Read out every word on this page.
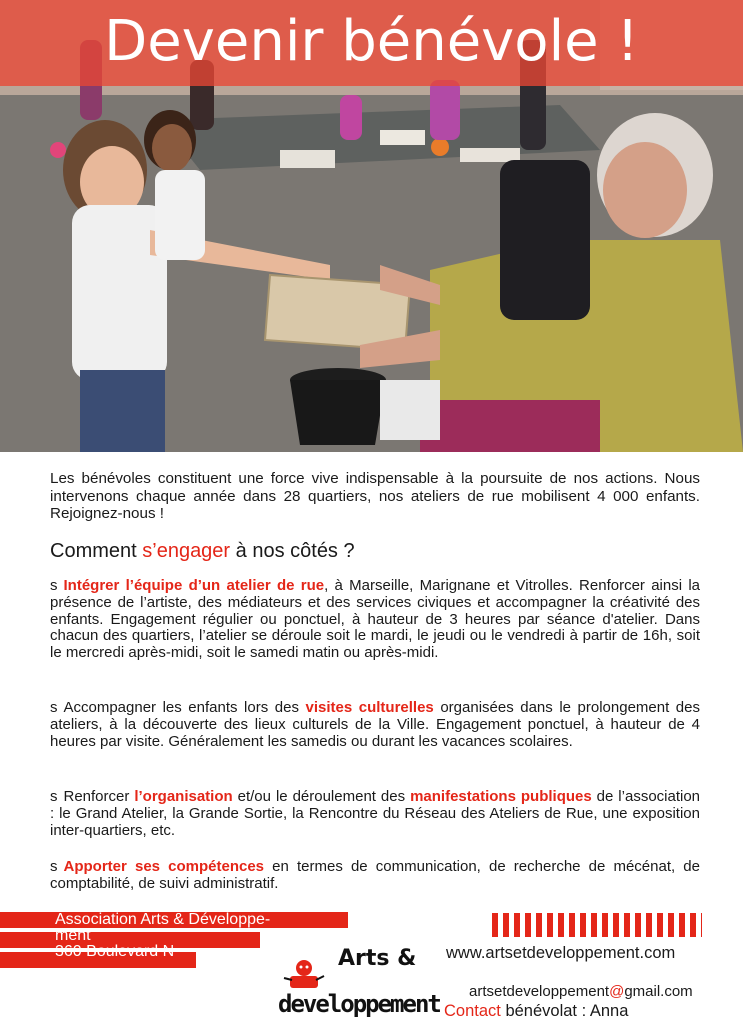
Devenir bénévole !

Les bénévoles constituent une force vive indispensable à la poursuite de nos actions. Nous intervenons chaque année dans 28 quartiers, nos ateliers de rue mobilisent 4 000 enfants. Rejoignez-nous !

Comment s’engager à nos côtés ?

s Intégrer l’équipe d’un atelier de rue, à Marseille, Marignane et Vitrolles. Renforcer ainsi la présence de l’artiste, des médiateurs et des services civiques et accompagner la créativité des enfants. Engagement régulier ou ponctuel, à hauteur de 3 heures par séance d'atelier. Dans chacun des quartiers, l’atelier se déroule soit le mardi, le jeudi ou le vendredi à partir de 16h, soit le mercredi après-midi, soit le samedi matin ou après-midi.

s Accompagner les enfants lors des visites culturelles organisées dans le prolongement des ateliers, à la découverte des lieux culturels de la Ville. Engagement ponctuel, à hauteur de 4 heures par visite. Généralement les samedis ou durant les vacances scolaires.

s Renforcer l’organisation et/ou le déroulement des manifestations publiques de l’association : le Grand Atelier, la Grande Sortie, la Rencontre du Réseau des Ateliers de Rue, une exposition inter-quartiers, etc.

s Apporter ses compétences en termes de communication, de recherche de mécénat, de comptabilité, de suivi administratif.

Association Arts & Développe-
ment
360 Boulevard N	Arts &
developpement
www.artsetdeveloppement.com
artsetdeveloppement@gmail.com
Contact bénévolat : Anna
